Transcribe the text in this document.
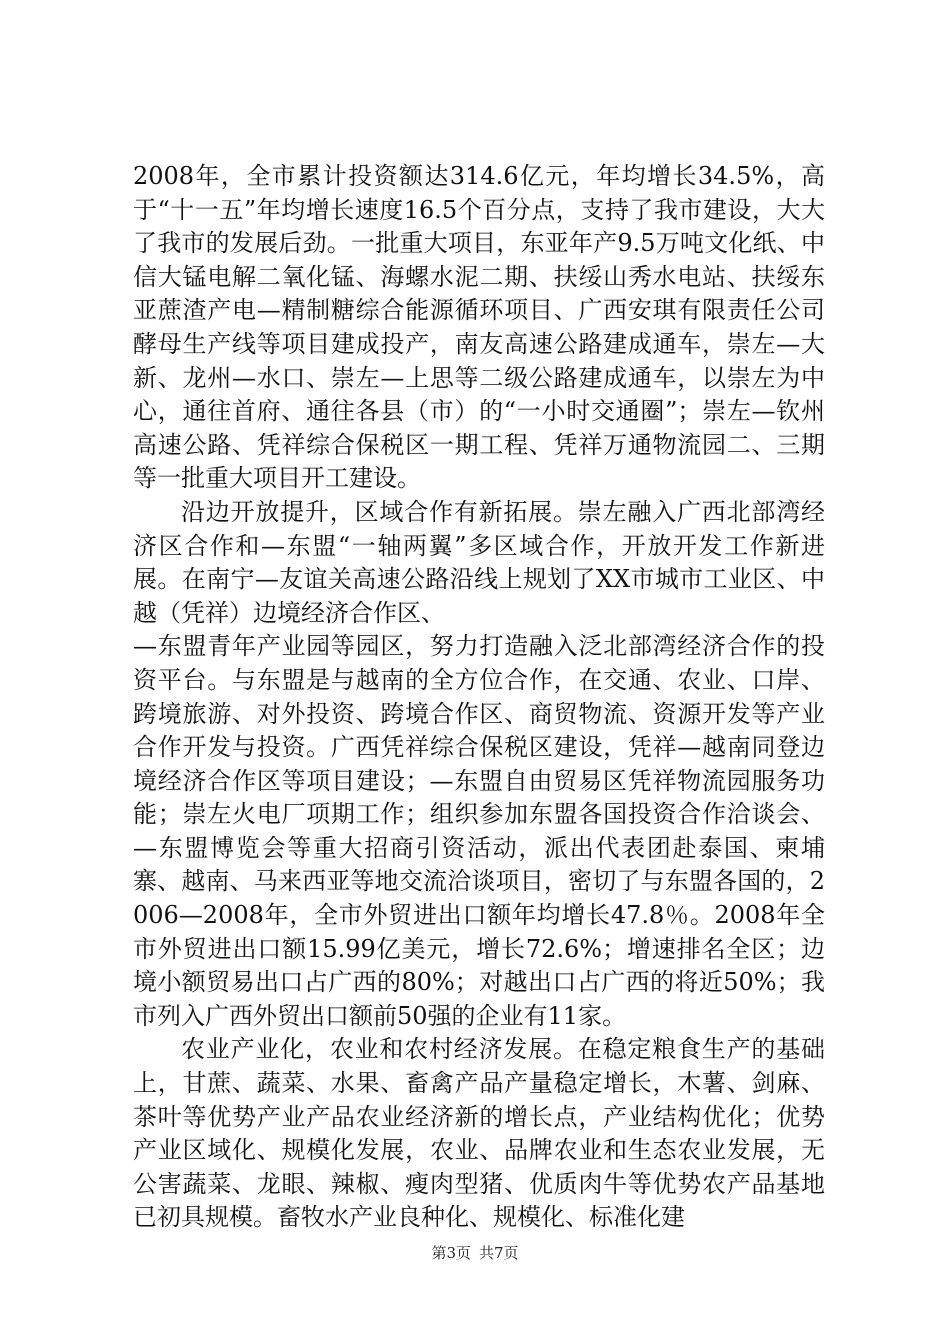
2008年，全市累计投资额达314.6亿元，年均增长34.5%，高于“十一五”年均增长速度16.5个百分点，支持了我市建设，大大了我市的发展后劲。一批重大项目，东亚年产9.5万吨文化纸、中信大锰电解二氧化锰、海螺水泥二期、扶绥山秀水电站、扶绥东亚蔗渣产电—精制糖综合能源循环项目、广西安琪有限责任公司酵母生产线等项目建成投产，南友高速公路建成通车，崇左—大新、龙州—水口、崇左—上思等二级公路建成通车，以崇左为中心，通往首府、通往各县（市）的“一小时交通圈”；崇左—钦州高速公路、凭祥综合保税区一期工程、凭祥万通物流园二、三期等一批重大项目开工建设。

沿边开放提升，区域合作有新拓展。崇左融入广西北部湾经济区合作和—东盟“一轴两翼”多区域合作，开放开发工作新进展。在南宁—友谊关高速公路沿线上规划了XX市城市工业区、中越（凭祥）边境经济合作区、

—东盟青年产业园等园区，努力打造融入泛北部湾经济合作的投资平台。与东盟是与越南的全方位合作，在交通、农业、口岸、跨境旅游、对外投资、跨境合作区、商贸物流、资源开发等产业合作开发与投资。广西凭祥综合保税区建设，凭祥—越南同登边境经济合作区等项目建设；—东盟自由贸易区凭祥物流园服务功能；崇左火电厂项期工作；组织参加东盟各国投资合作洽谈会、—东盟博览会等重大招商引资活动，派出代表团赴泰国、柬埔寨、越南、马来西亚等地交流洽谈项目，密切了与东盟各国的，2006—2008年，全市外贸进出口额年均增长47.8％。2008年全市外贸进出口额15.99亿美元，增长72.6%；增速排名全区；边境小额贸易出口占广西的80%；对越出口占广西的将近50%；我市列入广西外贸出口额前50强的企业有11家。

农业产业化，农业和农村经济发展。在稳定粮食生产的基础上，甘蔗、蔬菜、水果、畜禽产品产量稳定增长，木薯、剑麻、茶叶等优势产业产品农业经济新的增长点，产业结构优化；优势产业区域化、规模化发展，农业、品牌农业和生态农业发展，无公害蔬菜、龙眼、辣椒、瘦肉型猪、优质肉牛等优势农产品基地已初具规模。畜牧水产业良种化、规模化、标准化建

第3页 共7页
